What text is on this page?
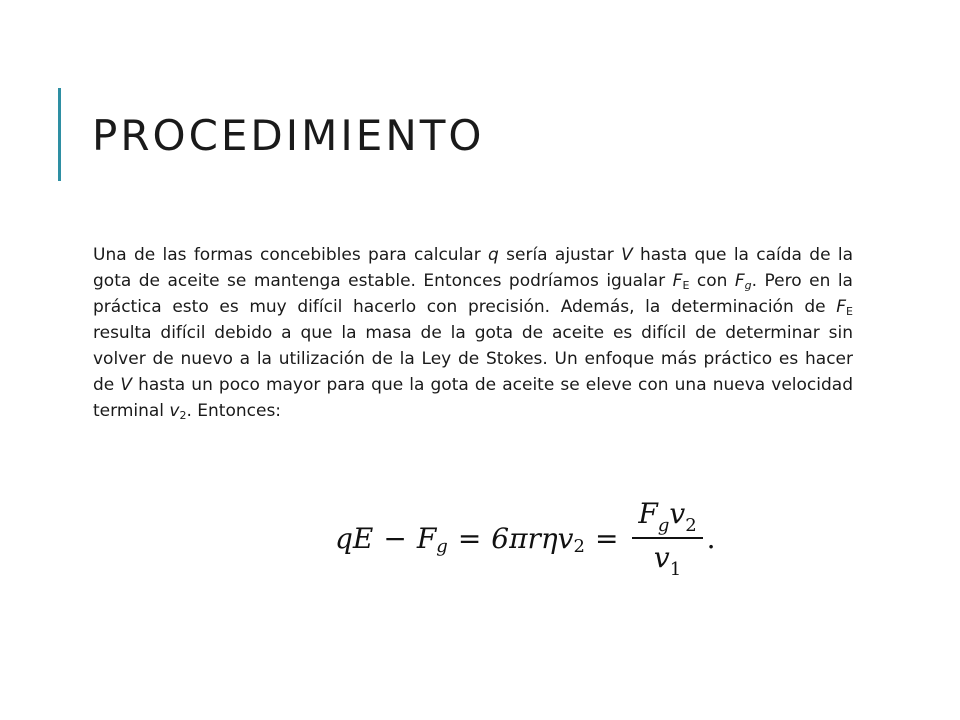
PROCEDIMIENTO

Una de las formas concebibles para calcular q sería ajustar V hasta que la caída de la gota de aceite se mantenga estable. Entonces podríamos igualar $F_E$ con $F_g$. Pero en la práctica esto es muy difícil hacerlo con precisión. Además, la determinación de $F_E$ resulta difícil debido a que la masa de la gota de aceite es difícil de determinar sin volver de nuevo a la utilización de la Ley de Stokes. Un enfoque más práctico es hacer de V hasta un poco mayor para que la gota de aceite se eleve con una nueva velocidad terminal $v_2$. Entonces:

qE − F g = 6πrη v $2 = \frac{F_gv_2}{v_1}$ .
